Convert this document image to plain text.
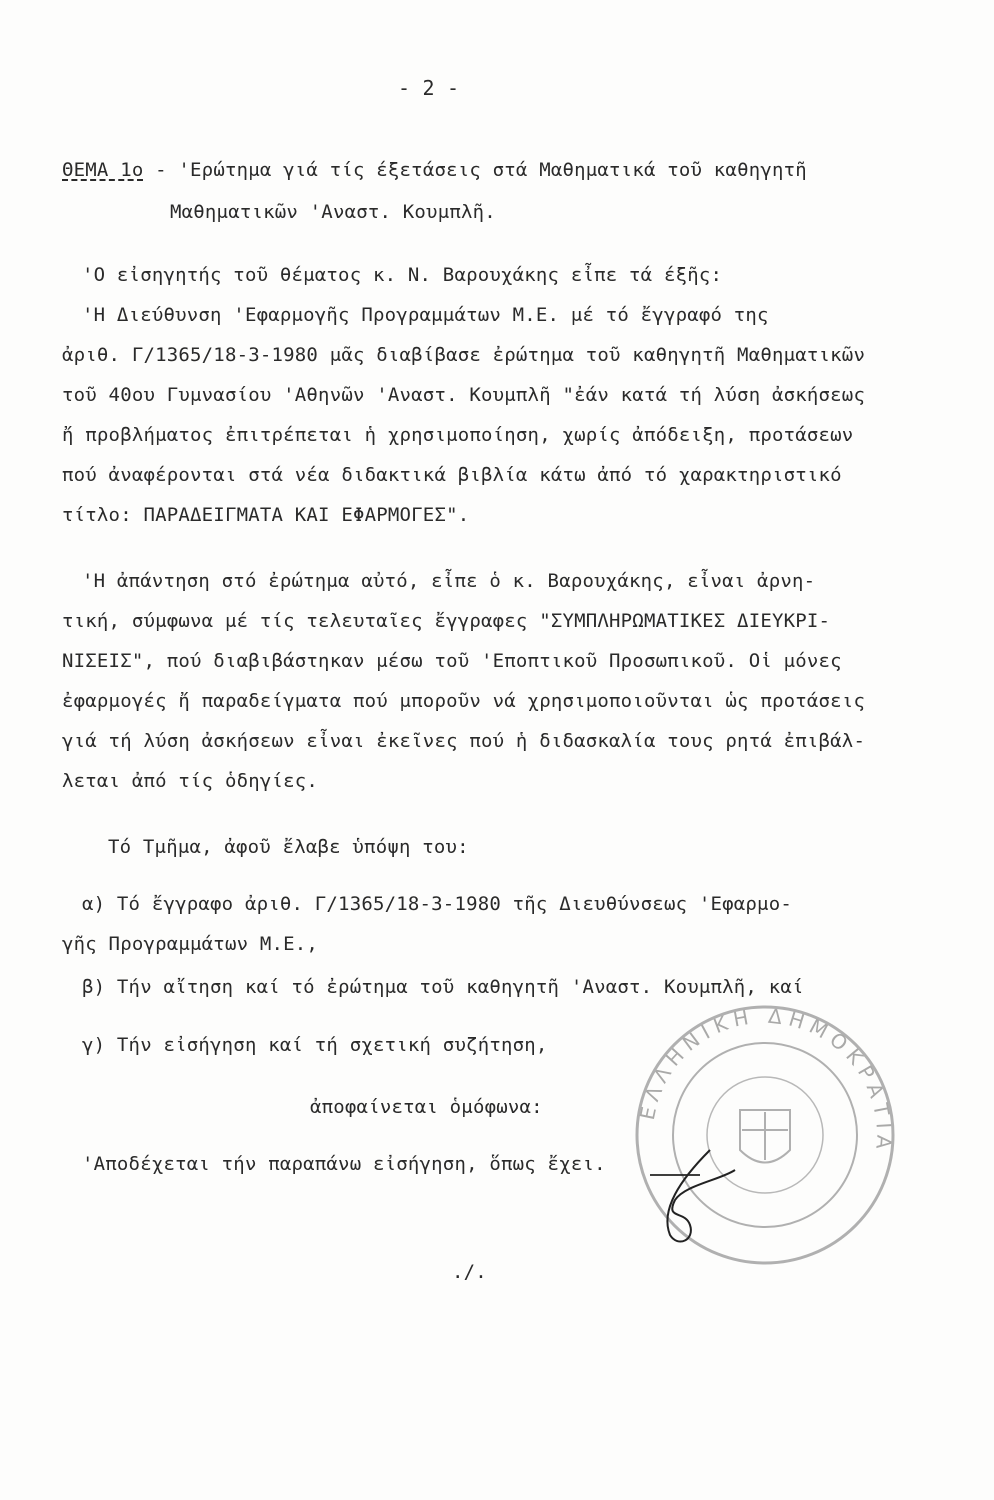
- 2 -
ΘΕΜΑ 1ο - 'Ερώτημα γιά τίς έξετάσεις στά Μαθηματικά τοῦ καθηγητῆ
Μαθηματικῶν 'Αναστ. Κουμπλῆ.
'Ο εἰσηγητής τοῦ θέματος κ. Ν. Βαρουχάκης εἶπε τά έξῆς:
'Η Διεύθυνση 'Εφαρμογῆς Προγραμμάτων Μ.Ε. μέ τό ἔγγραφό της
ἀριθ. Γ/1365/18-3-1980 μᾶς διαβίβασε ἐρώτημα τοῦ καθηγητῆ Μαθηματικῶν
τοῦ 40ου Γυμνασίου 'Αθηνῶν 'Αναστ. Κουμπλῆ "ἐάν κατά τή λύση ἀσκήσεως
ἤ προβλήματος ἐπιτρέπεται ἡ χρησιμοποίηση, χωρίς ἀπόδειξη, προτάσεων
πού ἀναφέρονται στά νέα διδακτικά βιβλία κάτω ἀπό τό χαρακτηριστικό
τίτλο: ΠΑΡΑΔΕΙΓΜΑΤΑ ΚΑΙ ΕΦΑΡΜΟΓΕΣ".
'Η ἀπάντηση στό ἐρώτημα αὐτό, εἶπε ὁ κ. Βαρουχάκης, εἶναι ἀρνη-
τική, σύμφωνα μέ τίς τελευταῖες ἔγγραφες "ΣΥΜΠΛΗΡΩΜΑΤΙΚΕΣ ΔΙΕΥΚΡΙ-
ΝΙΣΕΙΣ", πού διαβιβάστηκαν μέσω τοῦ 'Εποπτικοῦ Προσωπικοῦ. Οἱ μόνες
ἐφαρμογές ἤ παραδείγματα πού μποροῦν νά χρησιμοποιοῦνται ὡς προτάσεις
γιά τή λύση ἀσκήσεων εἶναι ἐκεῖνες πού ἡ διδασκαλία τους ρητά ἐπιβάλ-
λεται ἀπό τίς ὁδηγίες.
Τό Τμῆμα, ἀφοῦ ἔλαβε ὑπόψη του:
α) Τό ἔγγραφο ἀριθ. Γ/1365/18-3-1980 τῆς Διευθύνσεως 'Εφαρμο-
γῆς Προγραμμάτων Μ.Ε.,
β) Τήν αἴτηση καί τό ἐρώτημα τοῦ καθηγητῆ 'Αναστ. Κουμπλῆ, καί
γ) Τήν εἰσήγηση καί τή σχετική συζήτηση,
ἀποφαίνεται ὁμόφωνα:
'Αποδέχεται τήν παραπάνω εἰσήγηση, ὅπως ἔχει.
./.
ΕΛΛΗΝΙΚΗ ΔΗΜΟΚΡΑΤΙΑ
